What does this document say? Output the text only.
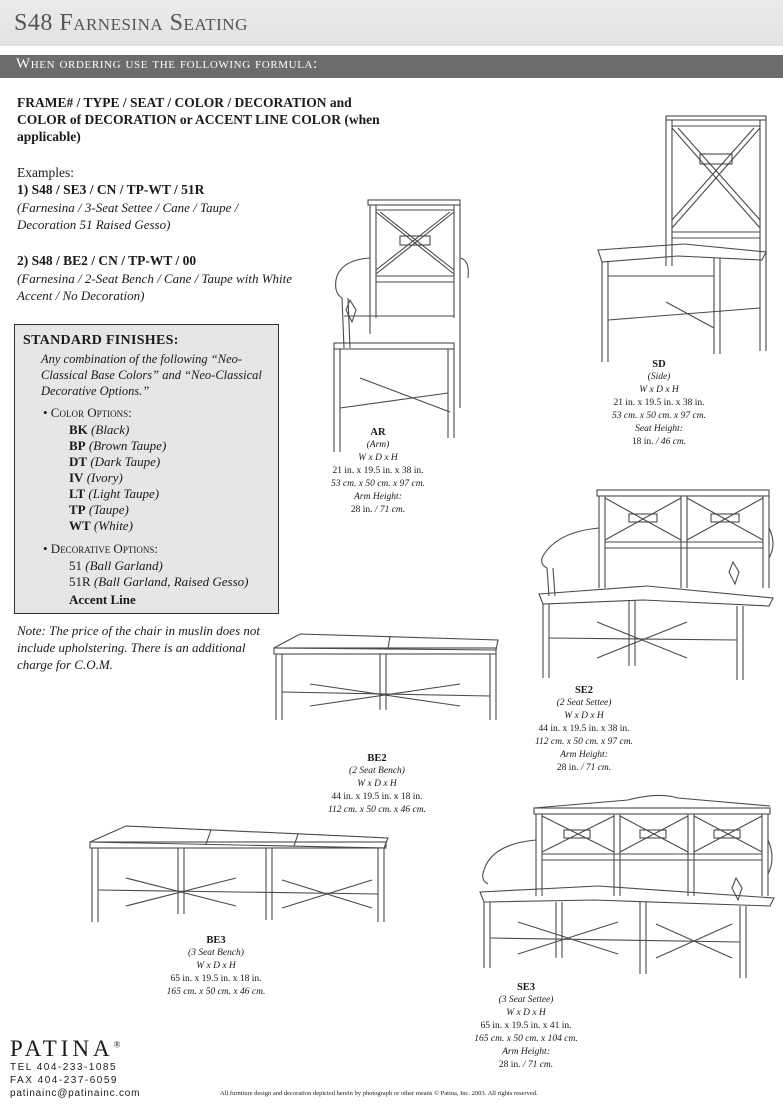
S48 Farnesina Seating
When ordering use the following formula:
FRAME# / TYPE / SEAT / COLOR / DECORATION and COLOR of DECORATION or ACCENT LINE COLOR (when applicable)
Examples:
1) S48 / SE3 / CN / TP-WT / 51R
(Farnesina / 3-Seat Settee / Cane / Taupe / Decoration 51 Raised Gesso)
2) S48 / BE2 / CN / TP-WT / 00
(Farnesina / 2-Seat Bench / Cane / Taupe with White Accent / No Decoration)
STANDARD FINISHES:
Any combination of the following “Neo-Classical Base Colors” and “Neo-Classical Decorative Options.”
• Color Options:
BK (Black)
BP (Brown Taupe)
DT (Dark Taupe)
IV (Ivory)
LT (Light Taupe)
TP (Taupe)
WT (White)
• Decorative Options:
51 (Ball Garland)
51R (Ball Garland, Raised Gesso)
Accent Line
Note: The price of the chair in muslin does not include upholstering. There is an additional charge for C.O.M.
AR
(Arm)
W x D x H
21 in. x 19.5 in. x 38 in.
53 cm. x 50 cm. x 97 cm.
Arm Height:
28 in. / 71 cm.
SD
(Side)
W x D x H
21 in. x 19.5 in. x 38 in.
53 cm. x 50 cm. x 97 cm.
Seat Height:
18 in. / 46 cm.
SE2
(2 Seat Settee)
W x D x H
44 in. x 19.5 in. x 38 in.
112 cm. x 50 cm. x 97 cm.
Arm Height:
28 in. / 71 cm.
BE2
(2 Seat Bench)
W x D x H
44 in. x 19.5 in. x 18 in.
112 cm. x 50 cm. x 46 cm.
BE3
(3 Seat Bench)
W x D x H
65 in. x 19.5 in. x 18 in.
165 cm. x 50 cm. x 46 cm.	SE3
(3 Seat Settee)
W x D x H
65 in. x 19.5 in. x 41 in.
165 cm. x 50 cm. x 104 cm.
Arm Height:
28 in. / 71 cm.
PATINA®
TEL 404-233-1085
FAX 404-237-6059
patinainc@patinainc.com	All furniture design and decoration depicted herein by photograph or other means © Patina, Inc. 2003. All rights reserved.
